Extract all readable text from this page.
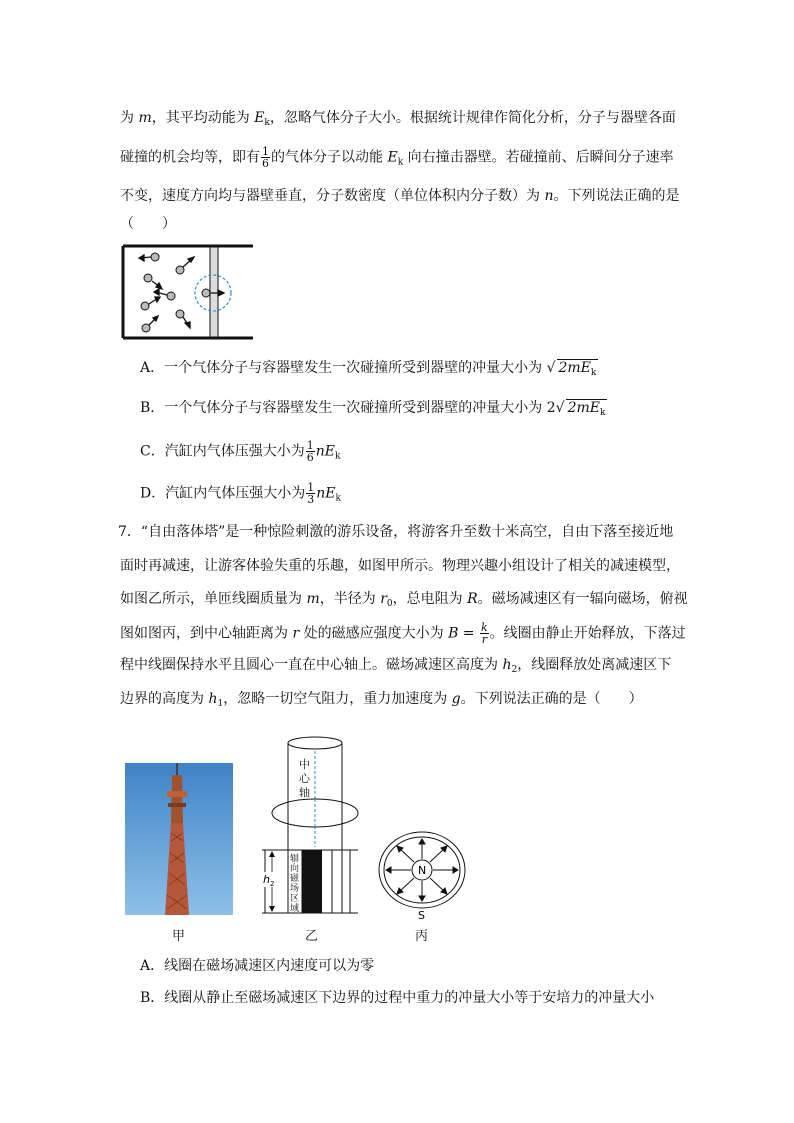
为 m，其平均动能为 $E_k$，忽略气体分子大小。根据统计规律作简化分析，分子与器壁各面
碰撞的机会均等，即有 $\frac{1}{6}$ 的气体分子以动能 $E_k$ 向右撞击器壁。若碰撞前、后瞬间分子速率
不变，速度方向均与器壁垂直，分子数密度（单位体积内分子数）为 n。下列说法正确的是
（　　）
A．一个气体分子与容器壁发生一次碰撞所受到器壁的冲量大小为 √ $2mE_k$
B．一个气体分子与容器壁发生一次碰撞所受到器壁的冲量大小为 2√ $2mE_k$
C．汽缸内气体压强大小为 $\frac{1}{6} nE_k$
D．汽缸内气体压强大小为 $\frac{1}{3} nE_k$
7．“自由落体塔”是一种惊险刺激的游乐设备，将游客升至数十米高空，自由下落至接近地
面时再减速，让游客体验失重的乐趣，如图甲所示。物理兴趣小组设计了相关的减速模型，
如图乙所示，单匝线圈质量为 m，半径为 $r_0$，总电阻为 R。磁场减速区有一辐向磁场，俯视
图如图丙，到中心轴距离为 r 处的磁感应强度大小为 $B = \frac{k}{r}$ 。线圈由静止开始释放，下落过
程中线圈保持水平且圆心一直在中心轴上。磁场减速区高度为 $h_2$，线圈释放处离减速区下
边界的高度为 $h_1$，忽略一切空气阻力，重力加速度为 g。下列说法正确的是（　　）
甲
h 2
中
心
轴
辐
向
磁
场
区
域
乙
N
S
丙
A．线圈在磁场减速区内速度可以为零
B．线圈从静止至磁场减速区下边界的过程中重力的冲量大小等于安培力的冲量大小
